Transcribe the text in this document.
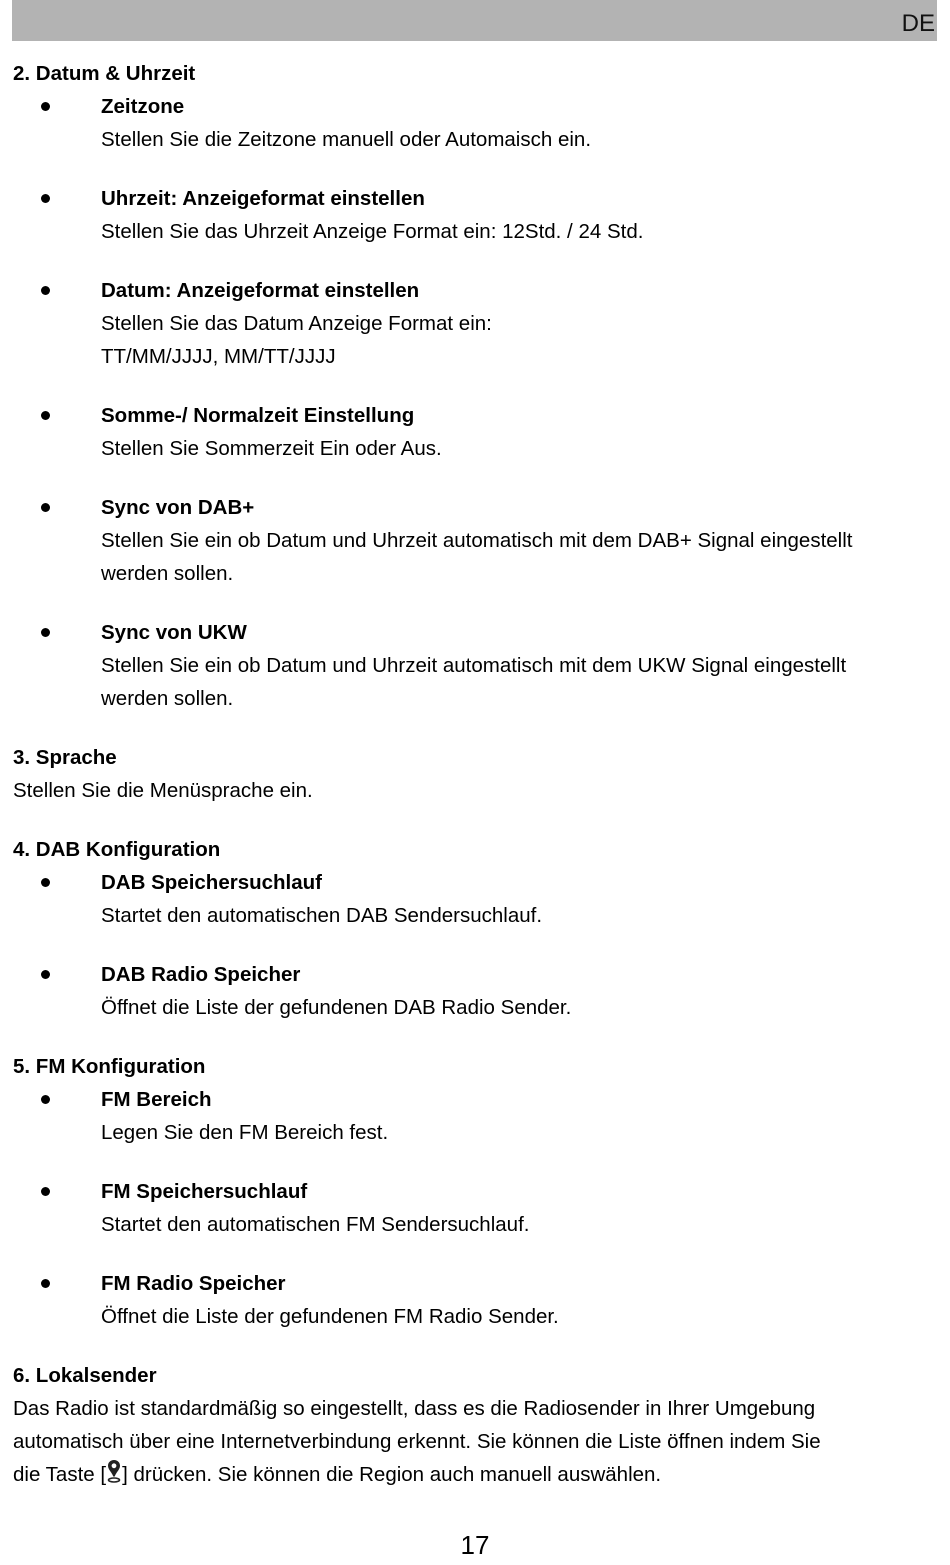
DE
2. Datum & Uhrzeit
Zeitzone
Stellen Sie die Zeitzone manuell oder Automaisch ein.
Uhrzeit: Anzeigeformat einstellen
Stellen Sie das Uhrzeit Anzeige Format ein: 12Std. / 24 Std.
Datum: Anzeigeformat einstellen
Stellen Sie das Datum Anzeige Format ein:
TT/MM/JJJJ, MM/TT/JJJJ
Somme-/ Normalzeit Einstellung
Stellen Sie Sommerzeit Ein oder Aus.
Sync von DAB+
Stellen Sie ein ob Datum und Uhrzeit automatisch mit dem DAB+ Signal eingestellt
werden sollen.
Sync von UKW
Stellen Sie ein ob Datum und Uhrzeit automatisch mit dem UKW Signal eingestellt
werden sollen.
3. Sprache
Stellen Sie die Menüsprache ein.
4. DAB Konfiguration
DAB Speichersuchlauf
Startet den automatischen DAB Sendersuchlauf.
DAB Radio Speicher
Öffnet die Liste der gefundenen DAB Radio Sender.
5. FM Konfiguration
FM Bereich
Legen Sie den FM Bereich fest.
FM Speichersuchlauf
Startet den automatischen FM Sendersuchlauf.
FM Radio Speicher
Öffnet die Liste der gefundenen FM Radio Sender.
6. Lokalsender
Das Radio ist standardmäßig so eingestellt, dass es die Radiosender in Ihrer Umgebung
automatisch über eine Internetverbindung erkennt. Sie können die Liste öffnen indem Sie
die Taste [ ] drücken. Sie können die Region auch manuell auswählen.
17
